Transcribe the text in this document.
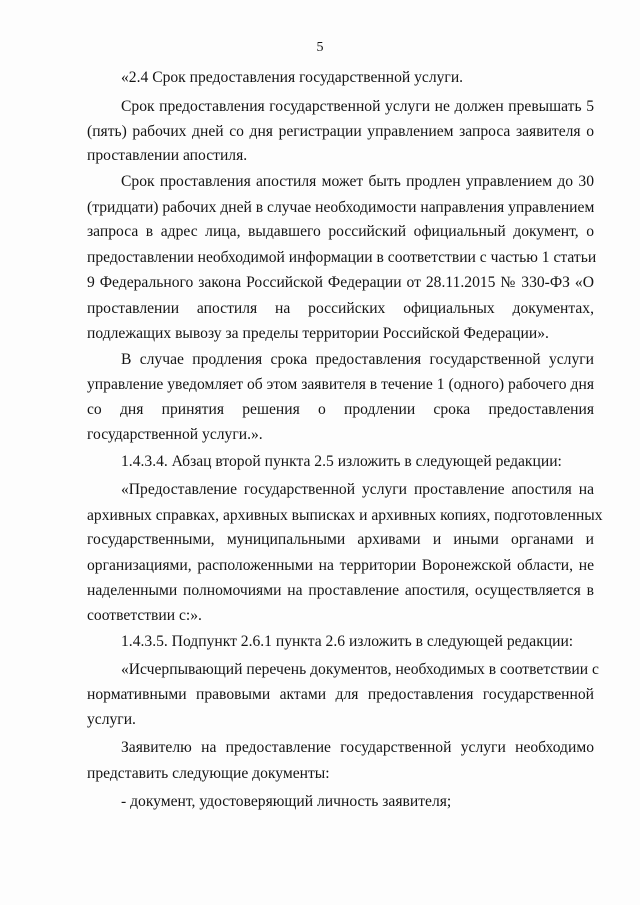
5
«2.4 Срок предоставления государственной услуги.
Срок предоставления государственной услуги не должен превышать 5
(пять) рабочих дней со дня регистрации управлением запроса заявителя о
проставлении апостиля.
Срок проставления апостиля может быть продлен управлением до 30
(тридцати) рабочих дней в случае необходимости направления управлением
запроса в адрес лица, выдавшего российский официальный документ, о
предоставлении необходимой информации в соответствии с частью 1 статьи
9 Федерального закона Российской Федерации от 28.11.2015 № 330-ФЗ «О
проставлении апостиля на российских официальных документах,
подлежащих вывозу за пределы территории Российской Федерации».
В случае продления срока предоставления государственной услуги
управление уведомляет об этом заявителя в течение 1 (одного) рабочего дня
со дня принятия решения о продлении срока предоставления
государственной услуги.».
1.4.3.4. Абзац второй пункта 2.5 изложить в следующей редакции:
«Предоставление государственной услуги проставление апостиля на
архивных справках, архивных выписках и архивных копиях, подготовленных
государственными, муниципальными архивами и иными органами и
организациями, расположенными на территории Воронежской области, не
наделенными полномочиями на проставление апостиля, осуществляется в
соответствии с:».
1.4.3.5. Подпункт 2.6.1 пункта 2.6 изложить в следующей редакции:
«Исчерпывающий перечень документов, необходимых в соответствии с
нормативными правовыми актами для предоставления государственной
услуги.
Заявителю на предоставление государственной услуги необходимо
представить следующие документы:
- документ, удостоверяющий личность заявителя;
